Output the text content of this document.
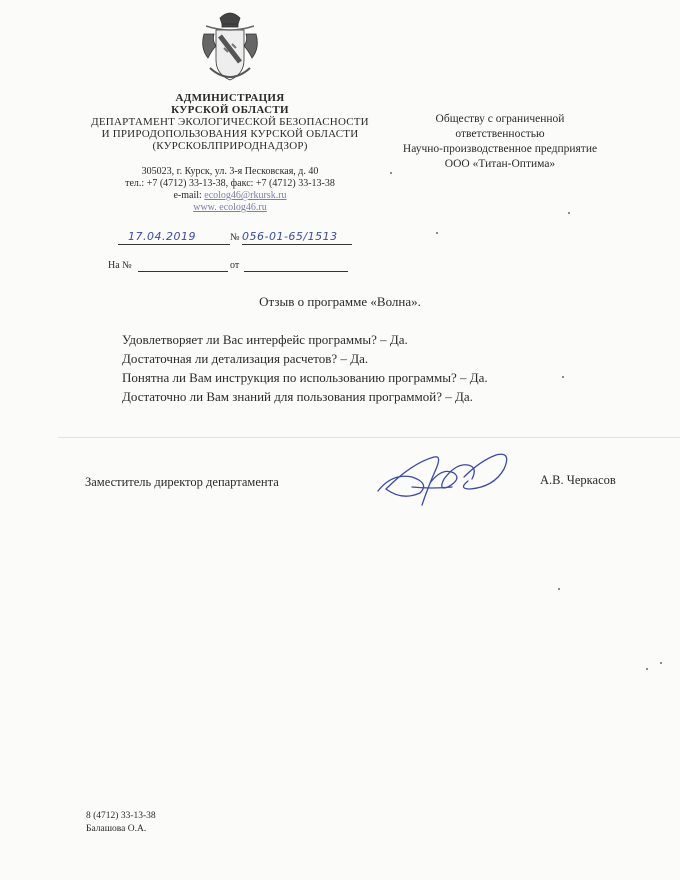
АДМИНИСТРАЦИЯ
КУРСКОЙ ОБЛАСТИ
ДЕПАРТАМЕНТ ЭКОЛОГИЧЕСКОЙ БЕЗОПАСНОСТИ
И ПРИРОДОПОЛЬЗОВАНИЯ КУРСКОЙ ОБЛАСТИ
(КУРСКОБЛПРИРОДНАДЗОР)
305023, г. Курск, ул. 3-я Песковская, д. 40
тел.: +7 (4712) 33-13-38, факс: +7 (4712) 33-13-38
e-mail: ecolog46@rkursk.ru
www. ecolog46.ru
Обществу с ограниченной
ответственностью
Научно-производственное предприятие
ООО «Титан-Оптима»
17.04.2019	№ 056-01-65/1513
На №	от
Отзыв о программе «Волна».
Удовлетворяет ли Вас интерфейс программы? – Да.
Достаточная ли детализация расчетов? – Да.
Понятна ли Вам инструкция по использованию программы? – Да.
Достаточно ли Вам знаний для пользования программой? – Да.
Заместитель директор департамента	А.В. Черкасов
8 (4712) 33-13-38
Балашова О.А.
